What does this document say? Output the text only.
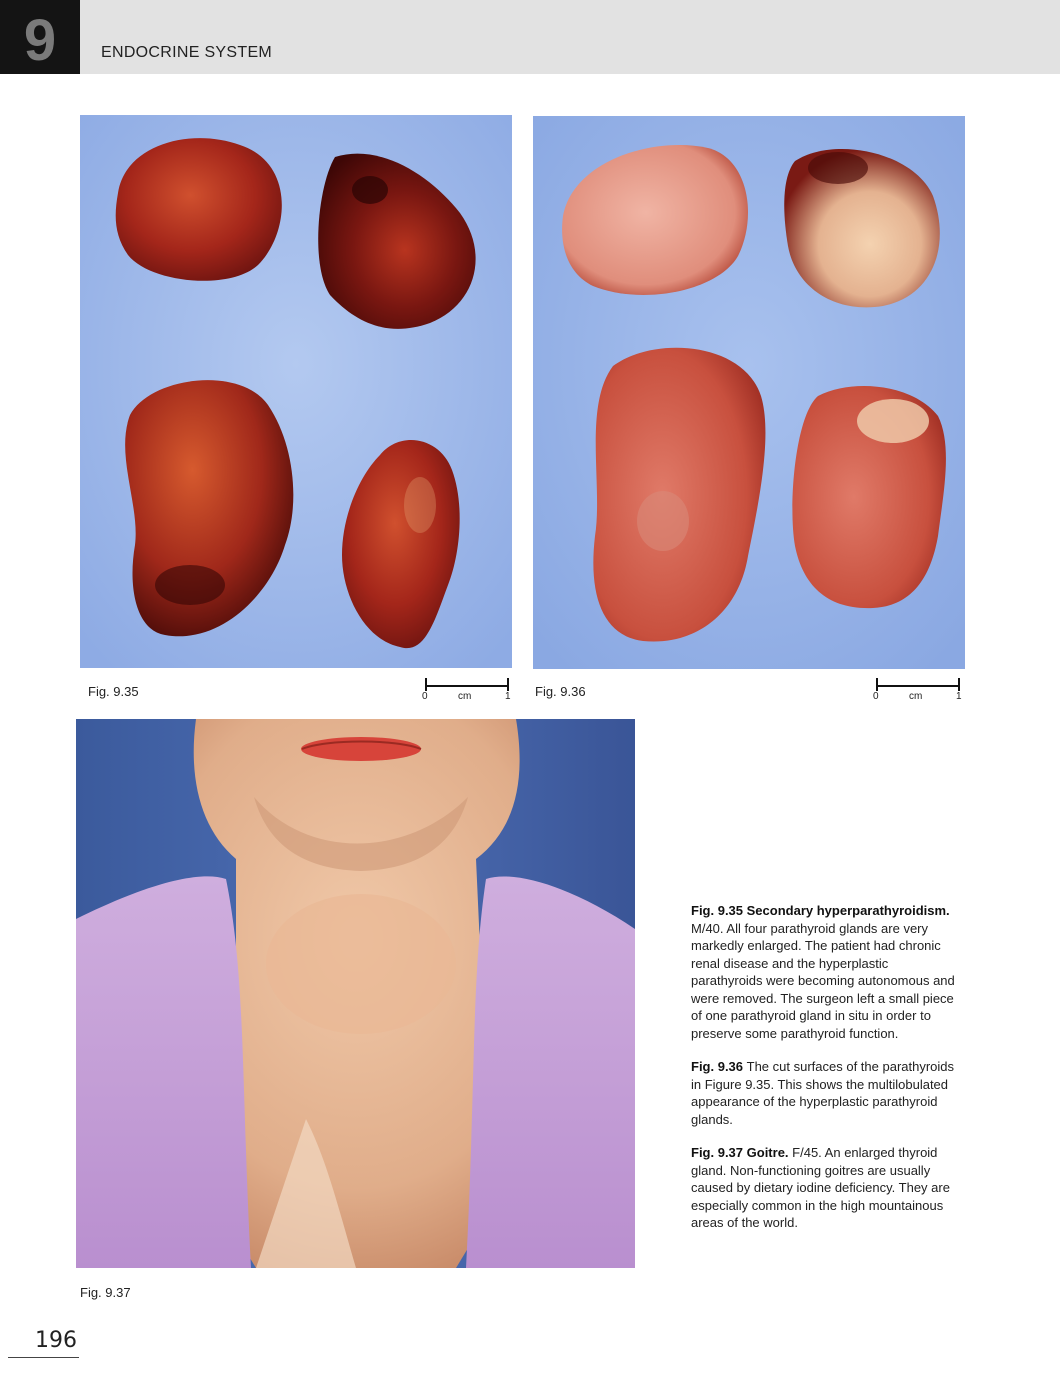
9	ENDOCRINE SYSTEM
Fig. 9.35	0	cm	1 Fig. 9.36	0	cm	1
Fig. 9.37

Fig. 9.35 Secondary hyperparathyroidism. M/40. All four parathyroid glands are very markedly enlarged. The patient had chronic renal disease and the hyperplastic parathyroids were becoming autonomous and were removed. The surgeon left a small piece of one parathyroid gland in situ in order to preserve some parathyroid function.

Fig. 9.36 The cut surfaces of the parathyroids in Figure 9.35. This shows the multilobulated appearance of the hyperplastic parathyroid glands.

Fig. 9.37 Goitre. F/45. An enlarged thyroid gland. Non-functioning goitres are usually caused by dietary iodine deficiency. They are especially common in the high mountainous areas of the world.

196
